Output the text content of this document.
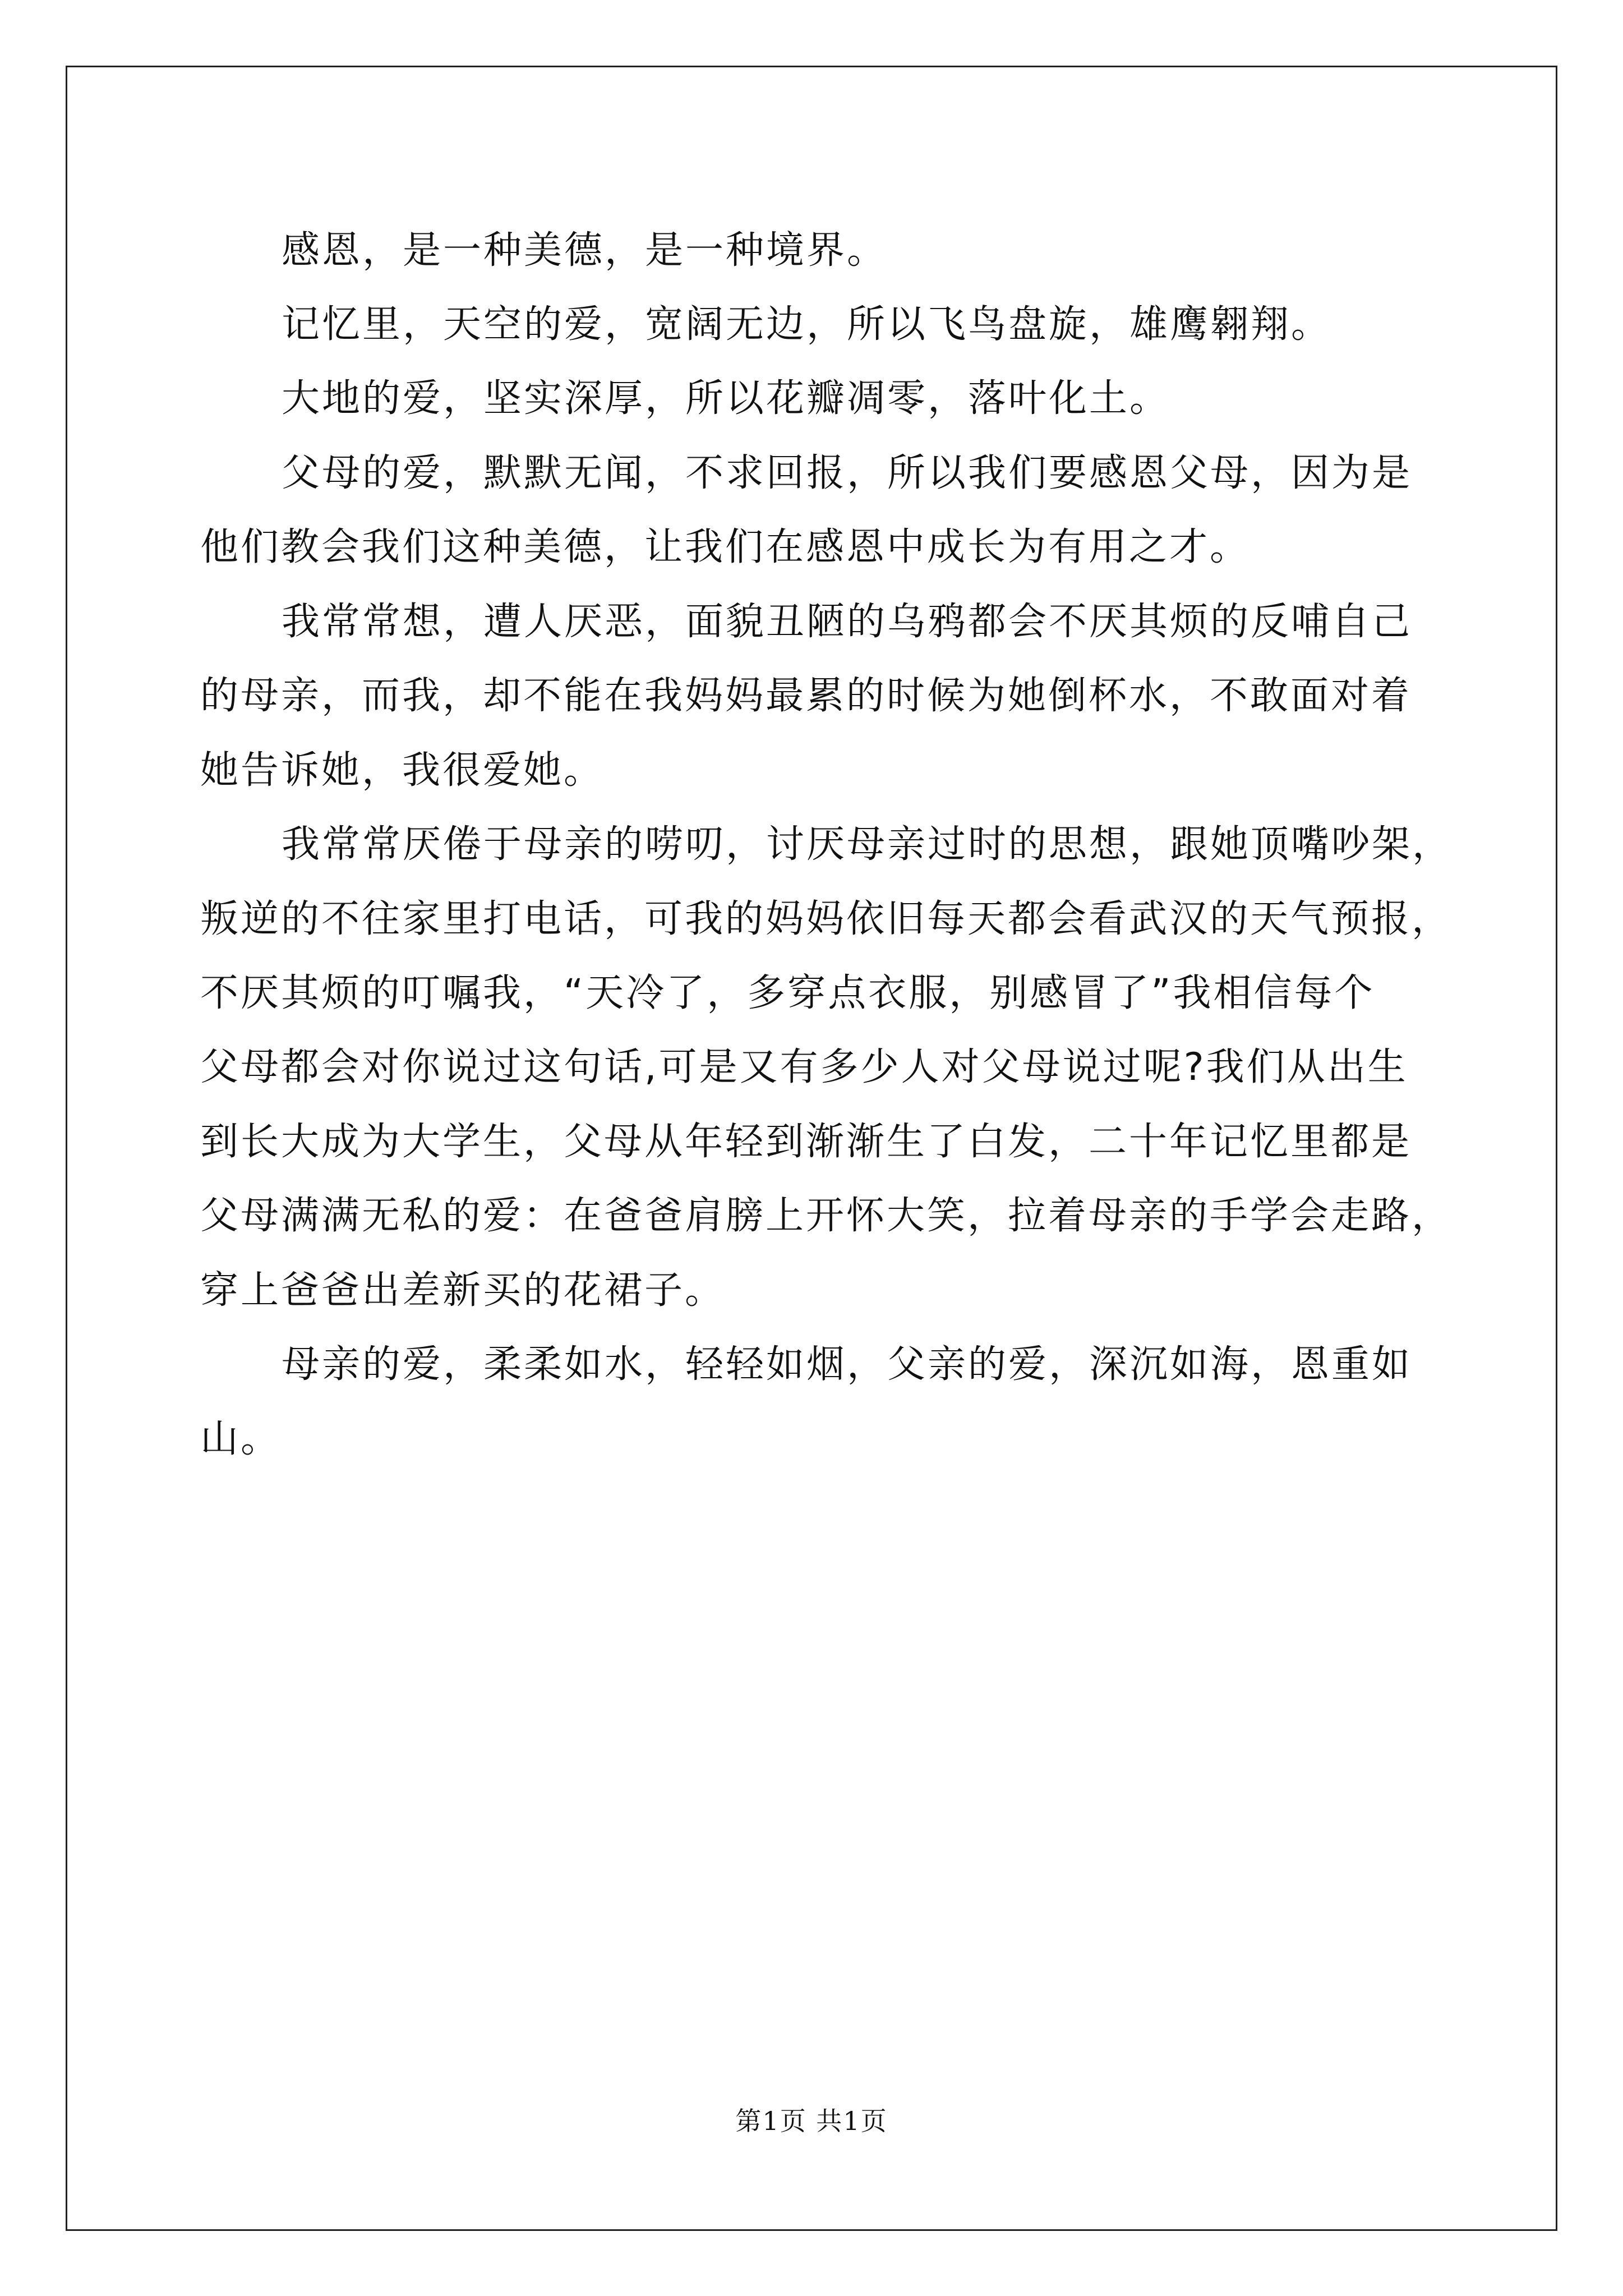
感恩，是一种美德，是一种境界。
记忆里，天空的爱，宽阔无边，所以飞鸟盘旋，雄鹰翱翔。
大地的爱，坚实深厚，所以花瓣凋零，落叶化土。
父母的爱，默默无闻，不求回报，所以我们要感恩父母，因为是
他们教会我们这种美德，让我们在感恩中成长为有用之才。
我常常想，遭人厌恶，面貌丑陋的乌鸦都会不厌其烦的反哺自己
的母亲，而我，却不能在我妈妈最累的时候为她倒杯水，不敢面对着
她告诉她，我很爱她。
我常常厌倦于母亲的唠叨，讨厌母亲过时的思想，跟她顶嘴吵架，
叛逆的不往家里打电话，可我的妈妈依旧每天都会看武汉的天气预报，
不厌其烦的叮嘱我，“天冷了，多穿点衣服，别感冒了”我相信每个
父母都会对你说过这句话,可是又有多少人对父母说过呢?我们从出生
到长大成为大学生，父母从年轻到渐渐生了白发，二十年记忆里都是
父母满满无私的爱：在爸爸肩膀上开怀大笑，拉着母亲的手学会走路，
穿上爸爸出差新买的花裙子。
母亲的爱，柔柔如水，轻轻如烟，父亲的爱，深沉如海，恩重如
山。
第1页 共1页
